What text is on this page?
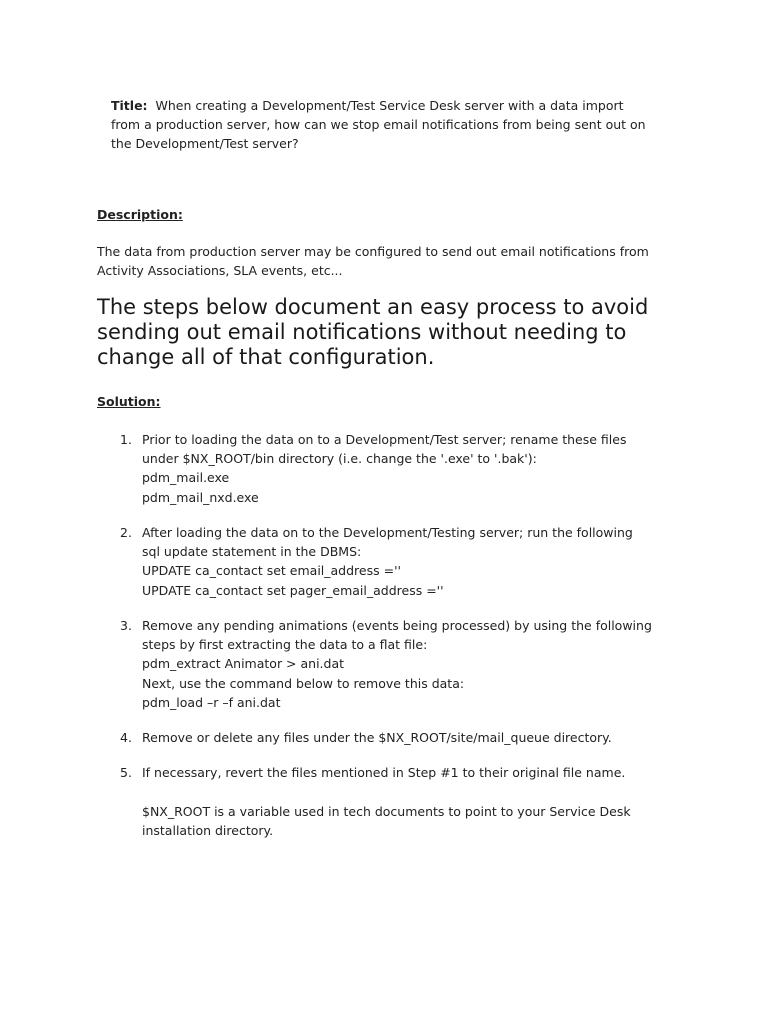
Title: When creating a Development/Test Service Desk server with a data import
from a production server, how can we stop email notifications from being sent out on
the Development/Test server?
Description:
The data from production server may be configured to send out email notifications from
Activity Associations, SLA events, etc...
The steps below document an easy process to avoid
sending out email notifications without needing to
change all of that configuration.
Solution:
1. Prior to loading the data on to a Development/Test server; rename these files
under $NX_ROOT/bin directory (i.e. change the '.exe' to '.bak'):
pdm_mail.exe
pdm_mail_nxd.exe
2. After loading the data on to the Development/Testing server; run the following
sql update statement in the DBMS:
UPDATE ca_contact set email_address =''
UPDATE ca_contact set pager_email_address =''
3. Remove any pending animations (events being processed) by using the following
steps by first extracting the data to a flat file:
pdm_extract Animator > ani.dat
Next, use the command below to remove this data:
pdm_load –r –f ani.dat
4. Remove or delete any files under the $NX_ROOT/site/mail_queue directory.
5. If necessary, revert the files mentioned in Step #1 to their original file name.
$NX_ROOT is a variable used in tech documents to point to your Service Desk
installation directory.
